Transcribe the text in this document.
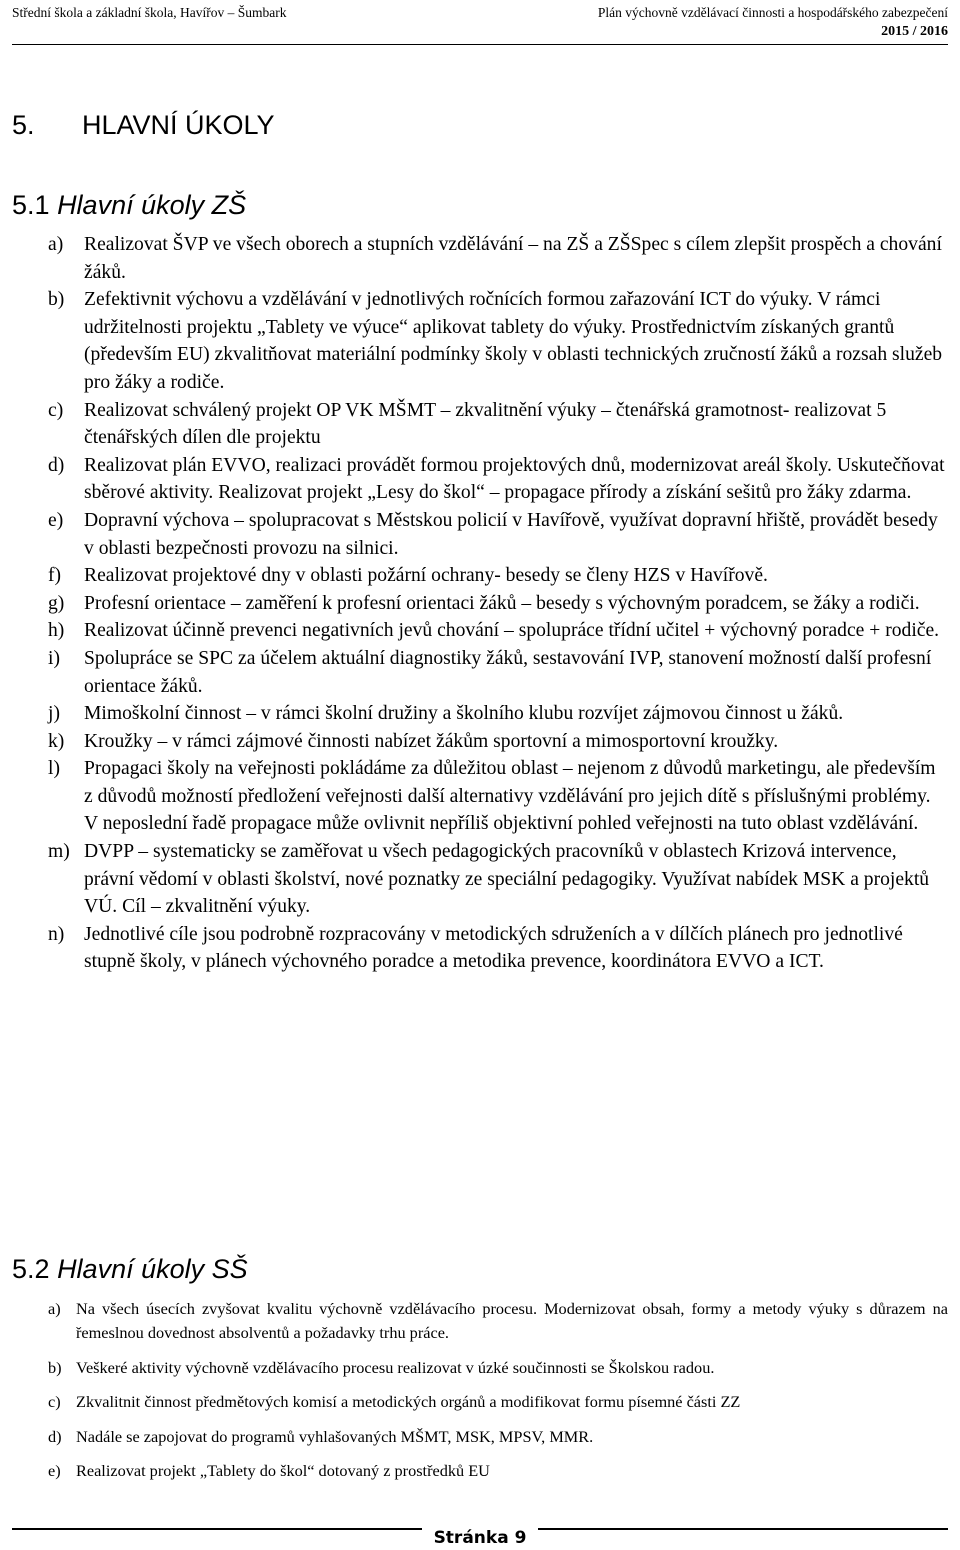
Střední škola a základní škola, Havířov – Šumbark	Plán výchovně vzdělávací činnosti a hospodářského zabezpečení
2015 / 2016
5. HLAVNÍ ÚKOLY
5.1 Hlavní úkoly ZŠ
a) Realizovat ŠVP ve všech oborech a stupních vzdělávání – na ZŠ a ZŠSpec s cílem zlepšit prospěch a chování žáků.
b) Zefektivnit výchovu a vzdělávání v jednotlivých ročnících formou zařazování ICT do výuky. V rámci udržitelnosti projektu „Tablety ve výuce“ aplikovat tablety do výuky. Prostřednictvím získaných grantů (především EU) zkvalitňovat materiální podmínky školy v oblasti technických zručností žáků a rozsah služeb pro žáky a rodiče.
c) Realizovat schválený projekt OP VK MŠMT – zkvalitnění výuky – čtenářská gramotnost- realizovat 5 čtenářských dílen dle projektu
d) Realizovat plán EVVO, realizaci provádět formou projektových dnů, modernizovat areál školy. Uskutečňovat sběrové aktivity. Realizovat projekt „Lesy do škol“ – propagace přírody a získání sešitů pro žáky zdarma.
e) Dopravní výchova – spolupracovat s Městskou policií v Havířově, využívat dopravní hřiště, provádět besedy v oblasti bezpečnosti provozu na silnici.
f) Realizovat projektové dny v oblasti požární ochrany- besedy se členy HZS v Havířově.
g) Profesní orientace – zaměření k profesní orientaci žáků – besedy s výchovným poradcem, se žáky a rodiči.
h) Realizovat účinně prevenci negativních jevů chování – spolupráce třídní učitel + výchovný poradce + rodiče.
i) Spolupráce se SPC za účelem aktuální diagnostiky žáků, sestavování IVP, stanovení možností další profesní orientace žáků.
j) Mimoškolní činnost – v rámci školní družiny a školního klubu rozvíjet zájmovou činnost u žáků.
k) Kroužky – v rámci zájmové činnosti nabízet žákům sportovní a mimosportovní kroužky.
l) Propagaci školy na veřejnosti pokládáme za důležitou oblast – nejenom z důvodů marketingu, ale především z důvodů možností předložení veřejnosti další alternativy vzdělávání pro jejich dítě s příslušnými problémy. V neposlední řadě propagace může ovlivnit nepříliš objektivní pohled veřejnosti na tuto oblast vzdělávání.
m) DVPP – systematicky se zaměřovat u všech pedagogických pracovníků v oblastech Krizová intervence, právní vědomí v oblasti školství, nové poznatky ze speciální pedagogiky. Využívat nabídek MSK a projektů VÚ. Cíl – zkvalitnění výuky.
n) Jednotlivé cíle jsou podrobně rozpracovány v metodických sdruženích a v dílčích plánech pro jednotlivé stupně školy, v plánech výchovného poradce a metodika prevence, koordinátora EVVO a ICT.
5.2 Hlavní úkoly SŠ
a) Na všech úsecích zvyšovat kvalitu výchovně vzdělávacího procesu. Modernizovat obsah, formy a metody výuky s důrazem na řemeslnou dovednost absolventů a požadavky trhu práce.
b) Veškeré aktivity výchovně vzdělávacího procesu realizovat v úzké součinnosti se Školskou radou.
c) Zkvalitnit činnost předmětových komisí a metodických orgánů a modifikovat formu písemné části ZZ
d) Nadále se zapojovat do programů vyhlašovaných MŠMT, MSK, MPSV, MMR.
e) Realizovat projekt „Tablety do škol“ dotovaný z prostředků EU
Stránka 9
